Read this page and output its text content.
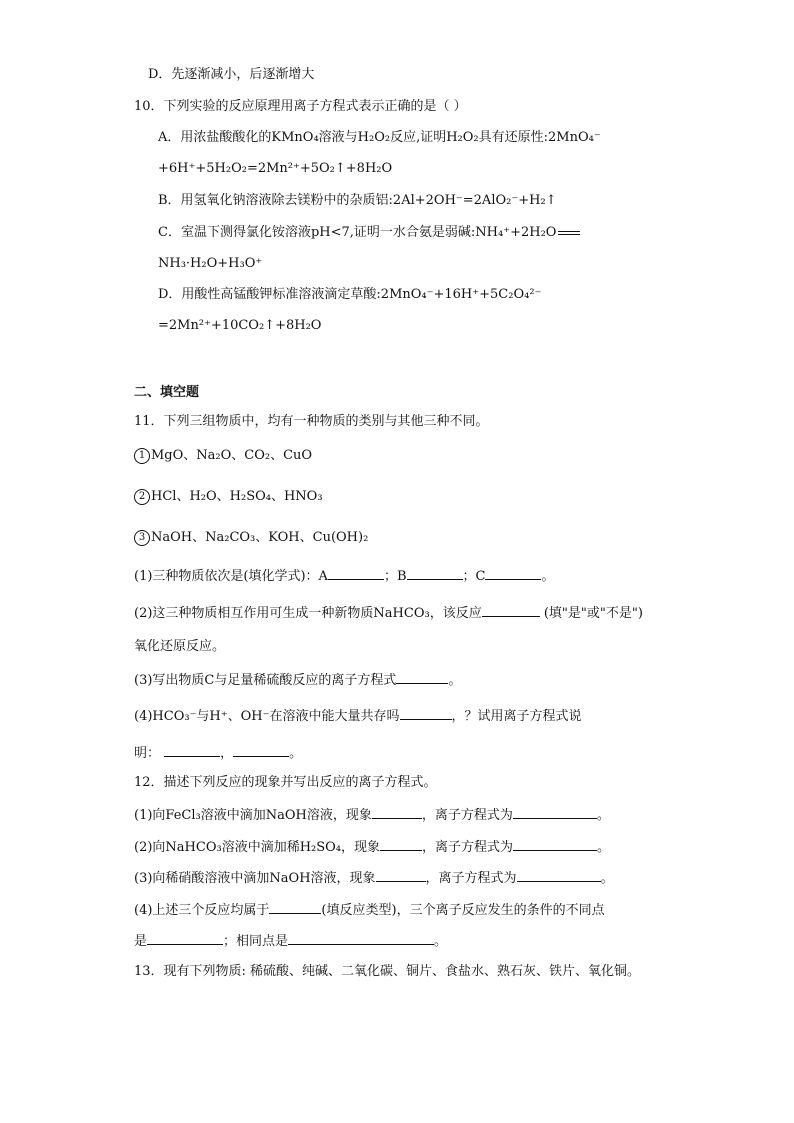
D．先逐渐减小，后逐渐增大
10．下列实验的反应原理用离子方程式表示正确的是（ ）
A．用浓盐酸酸化的KMnO₄溶液与H₂O₂反应,证明H₂O₂具有还原性:2MnO₄⁻
+6H⁺+5H₂O₂=2Mn²⁺+5O₂↑+8H₂O
B．用氢氧化钠溶液除去镁粉中的杂质铝:2Al+2OH⁻=2AlO₂⁻+H₂↑
C．室温下测得氯化铵溶液pH<7,证明一水合氨是弱碱:NH₄⁺+2H₂O
NH₃·H₂O+H₃O⁺
D．用酸性高锰酸钾标准溶液滴定草酸:2MnO₄⁻+16H⁺+5C₂O₄²⁻
=2Mn²⁺+10CO₂↑+8H₂O
二、填空题
11．下列三组物质中，均有一种物质的类别与其他三种不同。
1 MgO、Na₂O、CO₂、CuO
2 HCl、H₂O、H₂SO₄、HNO₃
3 NaOH、Na₂CO₃、KOH、Cu(OH)₂
(1)三种物质依次是(填化学式)：A	；B	；C	。
(2)这三种物质相互作用可生成一种新物质NaHCO₃，该反应	(填"是"或"不是")
氧化还原反应。
(3)写出物质C与足量稀硫酸反应的离子方程式	。
(4)HCO₃⁻与H⁺、OH⁻在溶液中能大量共存吗	，？试用离子方程式说
明：	，	。
12．描述下列反应的现象并写出反应的离子方程式。
(1)向FeCl₃溶液中滴加NaOH溶液，现象	，离子方程式为	。
(2)向NaHCO₃溶液中滴加稀H₂SO₄，现象	，离子方程式为	。
(3)向稀硝酸溶液中滴加NaOH溶液，现象	，离子方程式为	。
(4)上述三个反应均属于	(填反应类型)，三个离子反应发生的条件的不同点
是	；相同点是	。
13．现有下列物质: 稀硫酸、纯碱、二氧化碳、铜片、食盐水、熟石灰、铁片、氧化铜。
